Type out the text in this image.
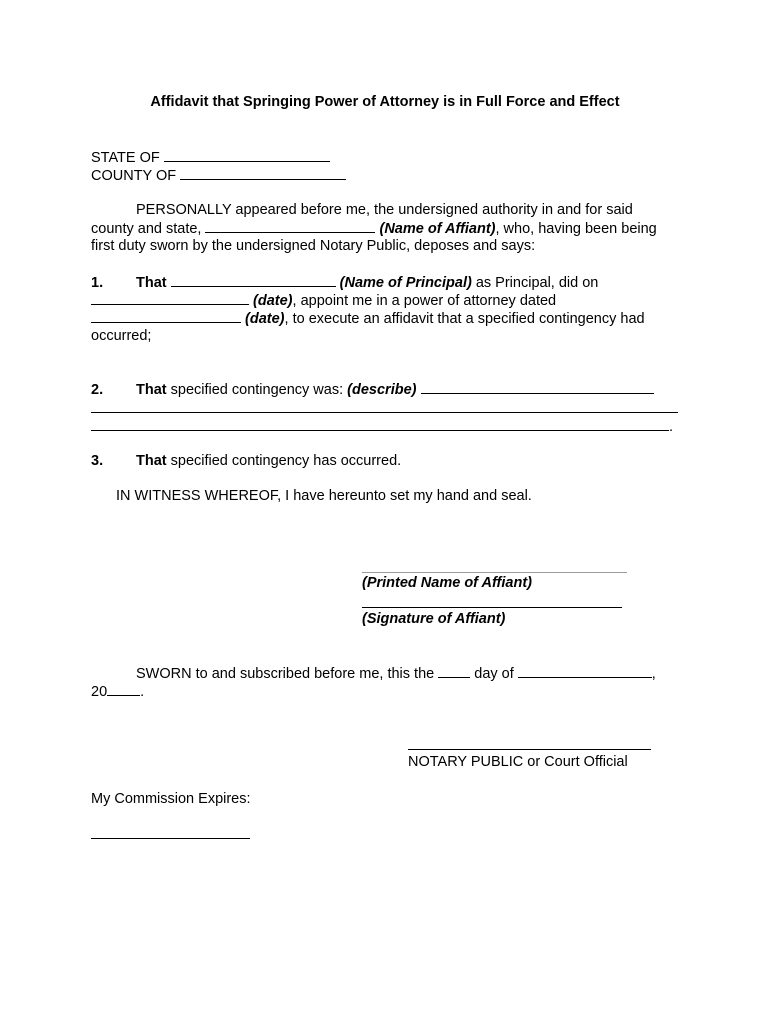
Affidavit that Springing Power of Attorney is in Full Force and Effect
STATE OF
COUNTY OF
PERSONALLY appeared before me, the undersigned authority in and for said
county and state,	(Name of Affiant), who, having been being
first duty sworn by the undersigned Notary Public, deposes and says:
1. That	(Name of Principal) as Principal, did on
(date), appoint me in a power of attorney dated
(date), to execute an affidavit that a specified contingency had
occurred;
2. That specified contingency was: (describe)
.
3. That specified contingency has occurred.
IN WITNESS WHEREOF, I have hereunto set my hand and seal.
(Printed Name of Affiant)
(Signature of Affiant)
SWORN to and subscribed before me, this the	day of	,
20 .
NOTARY PUBLIC or Court Official
My Commission Expires:
